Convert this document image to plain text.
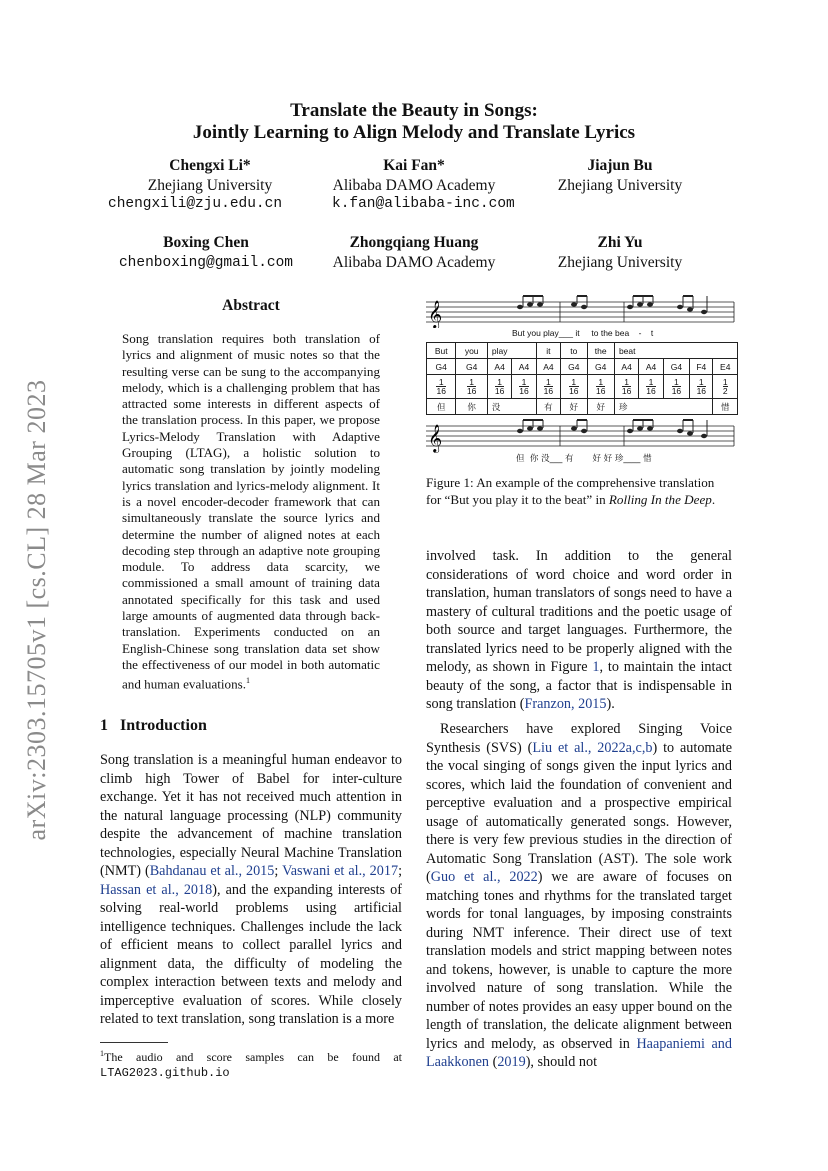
arXiv:2303.15705v1 [cs.CL] 28 Mar 2023
Translate the Beauty in Songs:
Jointly Learning to Align Melody and Translate Lyrics
Chengxi Li*
Zhejiang University
Kai Fan*
Alibaba DAMO Academy
Jiajun Bu
Zhejiang University
chengxili@zju.edu.cn	k.fan@alibaba-inc.com
Boxing Chen
chenboxing@gmail.com
Zhongqiang Huang
Alibaba DAMO Academy
Zhi Yu
Zhejiang University
Abstract
Song translation requires both translation of lyrics and alignment of music notes so that the resulting verse can be sung to the accompanying melody, which is a challenging problem that has attracted some interests in different aspects of the translation process. In this paper, we propose Lyrics-Melody Translation with Adaptive Grouping (LTAG), a holistic solution to automatic song translation by jointly modeling lyrics translation and lyrics-melody alignment. It is a novel encoder-decoder framework that can simultaneously translate the source lyrics and determine the number of aligned notes at each decoding step through an adaptive note grouping module. To address data scarcity, we commissioned a small amount of training data annotated specifically for this task and used large amounts of augmented data through back-translation. Experiments conducted on an English-Chinese song translation data set show the effectiveness of our model in both automatic and human evaluations.$^1$
1 Introduction
Song translation is a meaningful human endeavor to climb high Tower of Babel for inter-culture exchange. Yet it has not received much attention in the natural language processing (NLP) community despite the advancement of machine translation technologies, especially Neural Machine Translation (NMT) (Bahdanau et al., 2015; Vaswani et al., 2017; Hassan et al., 2018), and the expanding interests of solving real-world problems using artificial intelligence techniques. Challenges include the lack of efficient means to collect parallel lyrics and alignment data, the difficulty of modeling the complex interaction between texts and melody and imperceptive evaluation of scores. While closely related to text translation, song translation is a more
$^1$The audio and score samples can be found at LTAG2023.github.io
𝄞
But you play___ it     to the bea    -    t
But	you	play		it	to	the	beat				
G4	G4	A4	A4	A4	G4	G4	A4	A4	G4	F4	E4

$\frac{1}{16}$	$\frac{1}{16}$	$\frac{1}{16}$	$\frac{1}{16}$	$\frac{1}{16}$	$\frac{1}{16}$	$\frac{1}{16}$	$\frac{1}{16}$	$\frac{1}{16}$	$\frac{1}{16}$	$\frac{1}{16}$	$\frac{1}{2}$
但	你	没		有	好	好	珍				惜
𝄞
但  你 没___ 有       好 好 珍____ 惜
Figure 1: An example of the comprehensive translation for “But you play it to the beat” in Rolling In the Deep.
involved task. In addition to the general considerations of word choice and word order in translation, human translators of songs need to have a mastery of cultural traditions and the poetic usage of both source and target languages. Furthermore, the translated lyrics need to be properly aligned with the melody, as shown in Figure 1, to maintain the intact beauty of the song, a factor that is indispensable in song translation (Franzon, 2015).
Researchers have explored Singing Voice Synthesis (SVS) (Liu et al., 2022a,c,b) to automate the vocal singing of songs given the input lyrics and scores, which laid the foundation of convenient and perceptive evaluation and a prospective empirical usage of automatically generated songs. However, there is very few previous studies in the direction of Automatic Song Translation (AST). The sole work (Guo et al., 2022) we are aware of focuses on matching tones and rhythms for the translated target words for tonal languages, by imposing constraints during NMT inference. Their direct use of text translation models and strict mapping between notes and tokens, however, is unable to capture the more involved nature of song translation. While the number of notes provides an easy upper bound on the length of translation, the delicate alignment between lyrics and melody, as observed in Haapaniemi and Laakkonen (2019), should not
